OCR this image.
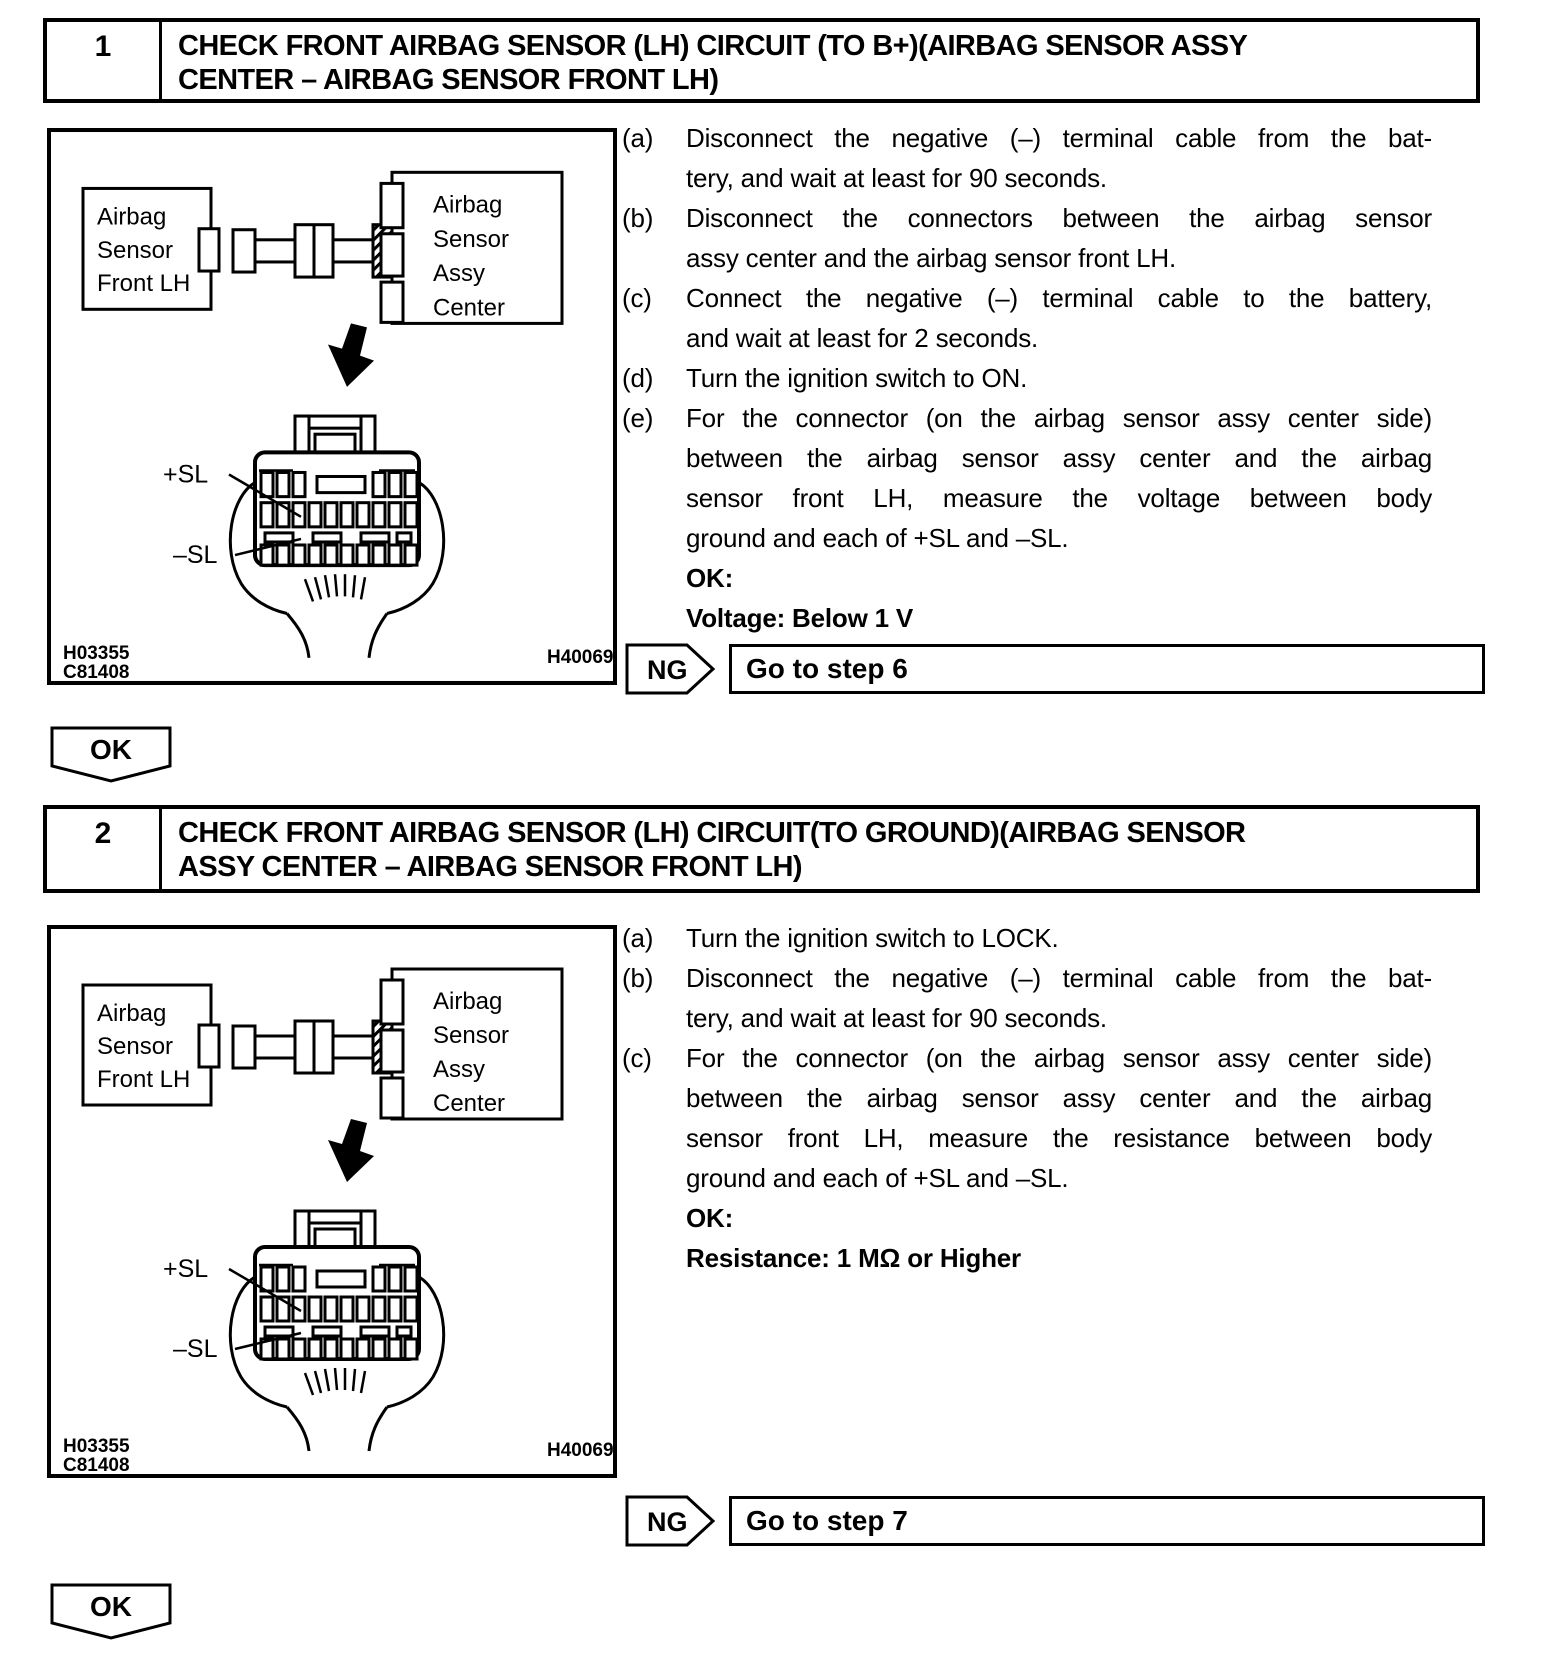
1	CHECK FRONT AIRBAG SENSOR (LH) CIRCUIT (TO B+)(AIRBAG SENSOR ASSY
CENTER – AIRBAG SENSOR FRONT LH)
Airbag
Sensor
Front LH
Airbag
Sensor
Assy
Center
+SL
–SL
H03355
C81408
H40069
(a)	Disconnect the negative (–) terminal cable from the bat-
tery, and wait at least for 90 seconds.
(b)	Disconnect the connectors between the airbag sensor
assy center and the airbag sensor front LH.
(c)	Connect the negative (–) terminal cable to the battery,
and wait at least for 2 seconds.
(d)	Turn the ignition switch to ON.
(e)	For the connector (on the airbag sensor assy center side)
between the airbag sensor assy center and the airbag
sensor front LH, measure the voltage between body
ground and each of +SL and –SL.
OK:
Voltage: Below 1 V
NG	Go to step 6
OK
2	CHECK FRONT AIRBAG SENSOR (LH) CIRCUIT(TO GROUND)(AIRBAG SENSOR
ASSY CENTER – AIRBAG SENSOR FRONT LH)
Airbag
Sensor
Front LH
Airbag
Sensor
Assy
Center
+SL
–SL
H03355
C81408
H40069
(a)	Turn the ignition switch to LOCK.
(b)	Disconnect the negative (–) terminal cable from the bat-
tery, and wait at least for 90 seconds.
(c)	For the connector (on the airbag sensor assy center side)
between the airbag sensor assy center and the airbag
sensor front LH, measure the resistance between body
ground and each of +SL and –SL.
OK:
Resistance: 1 MΩ or Higher
NG	Go to step 7
OK
